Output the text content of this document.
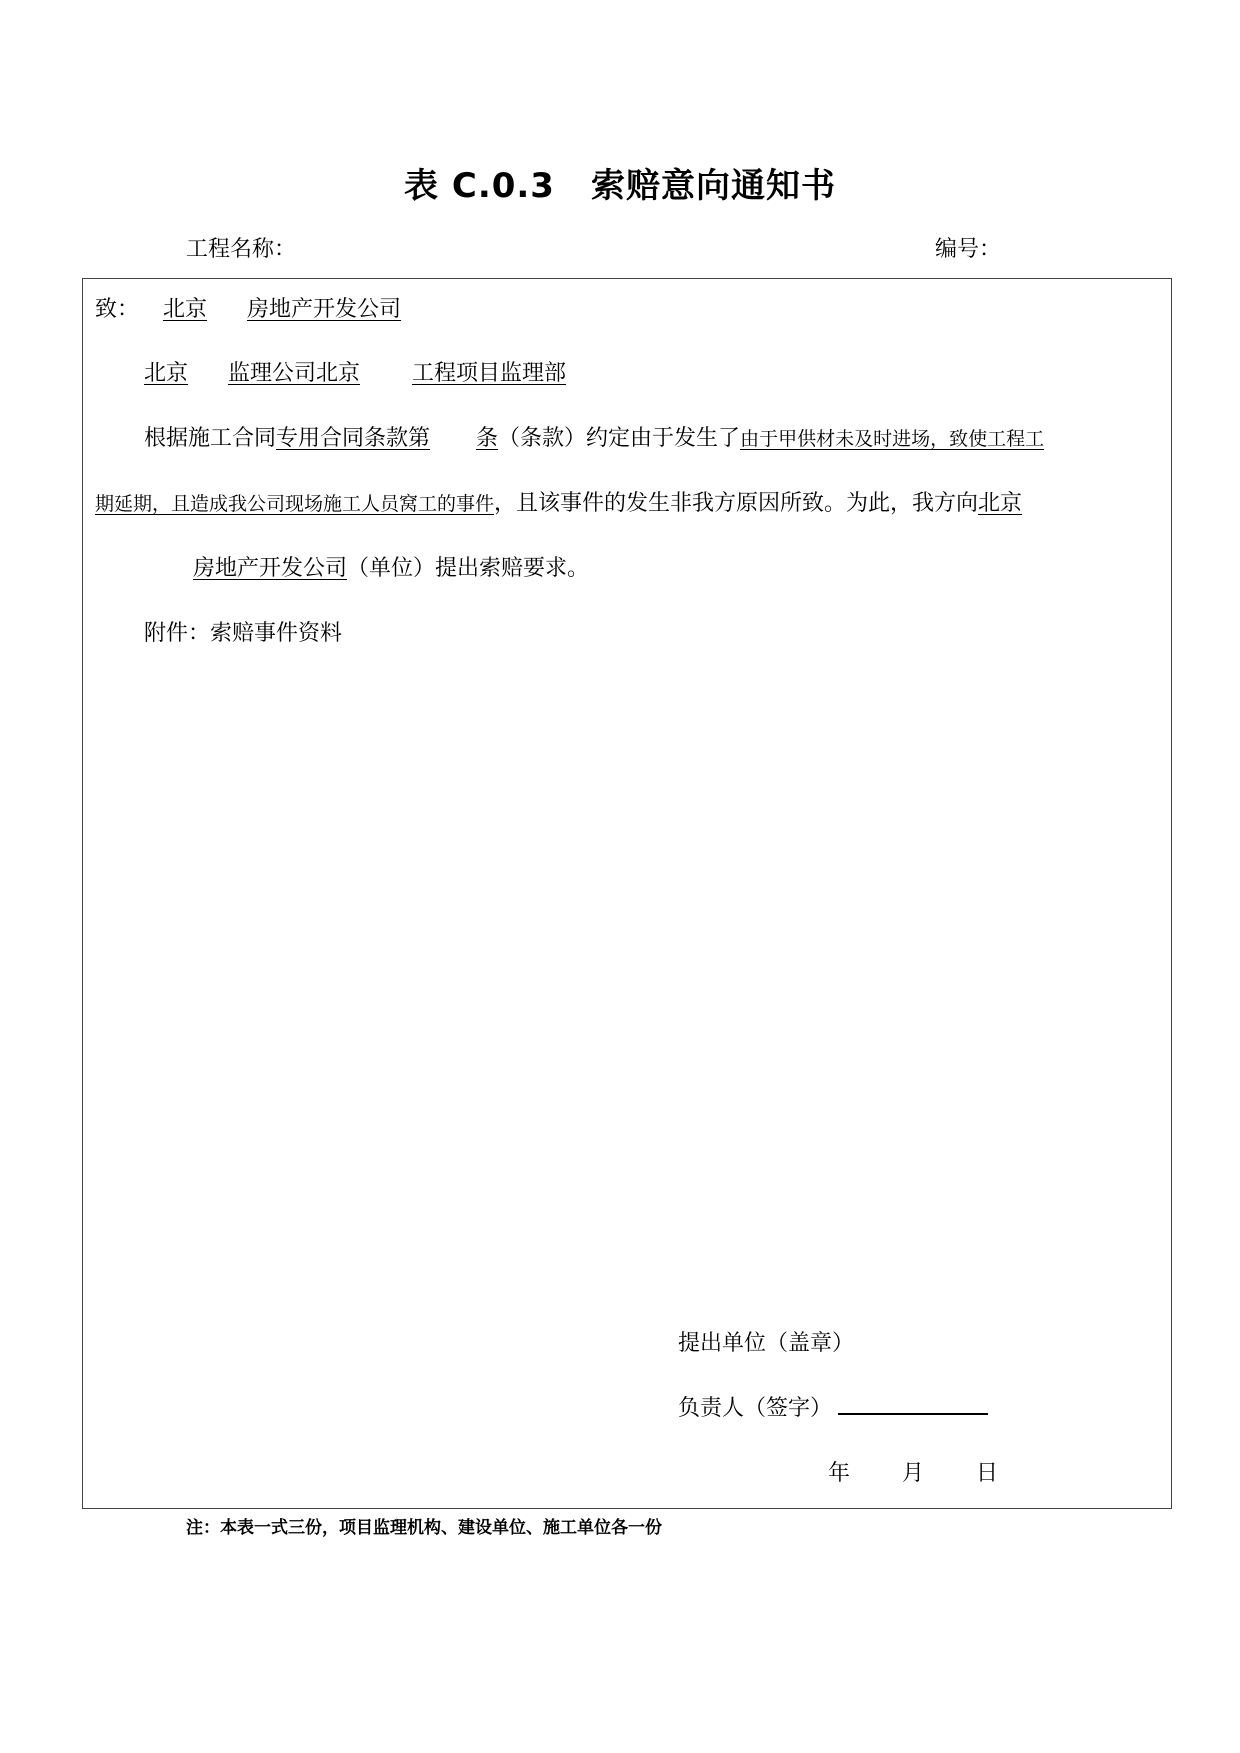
表 C.0.3 索赔意向通知书
工程名称：	编号：
致： 北京 房地产开发公司
北京 监理公司北京 工程项目监理部
根据施工合同专用合同条款第 条（条款）约定由于发生了由于甲供材未及时进场，致使工程工
期延期，且造成我公司现场施工人员窝工的事件，且该事件的发生非我方原因所致。为此，我方向北京
房地产开发公司（单位）提出索赔要求。
附件：索赔事件资料
提出单位（盖章）
负责人（签字）
年 月 日
注：本表一式三份，项目监理机构、建设单位、施工单位各一份
